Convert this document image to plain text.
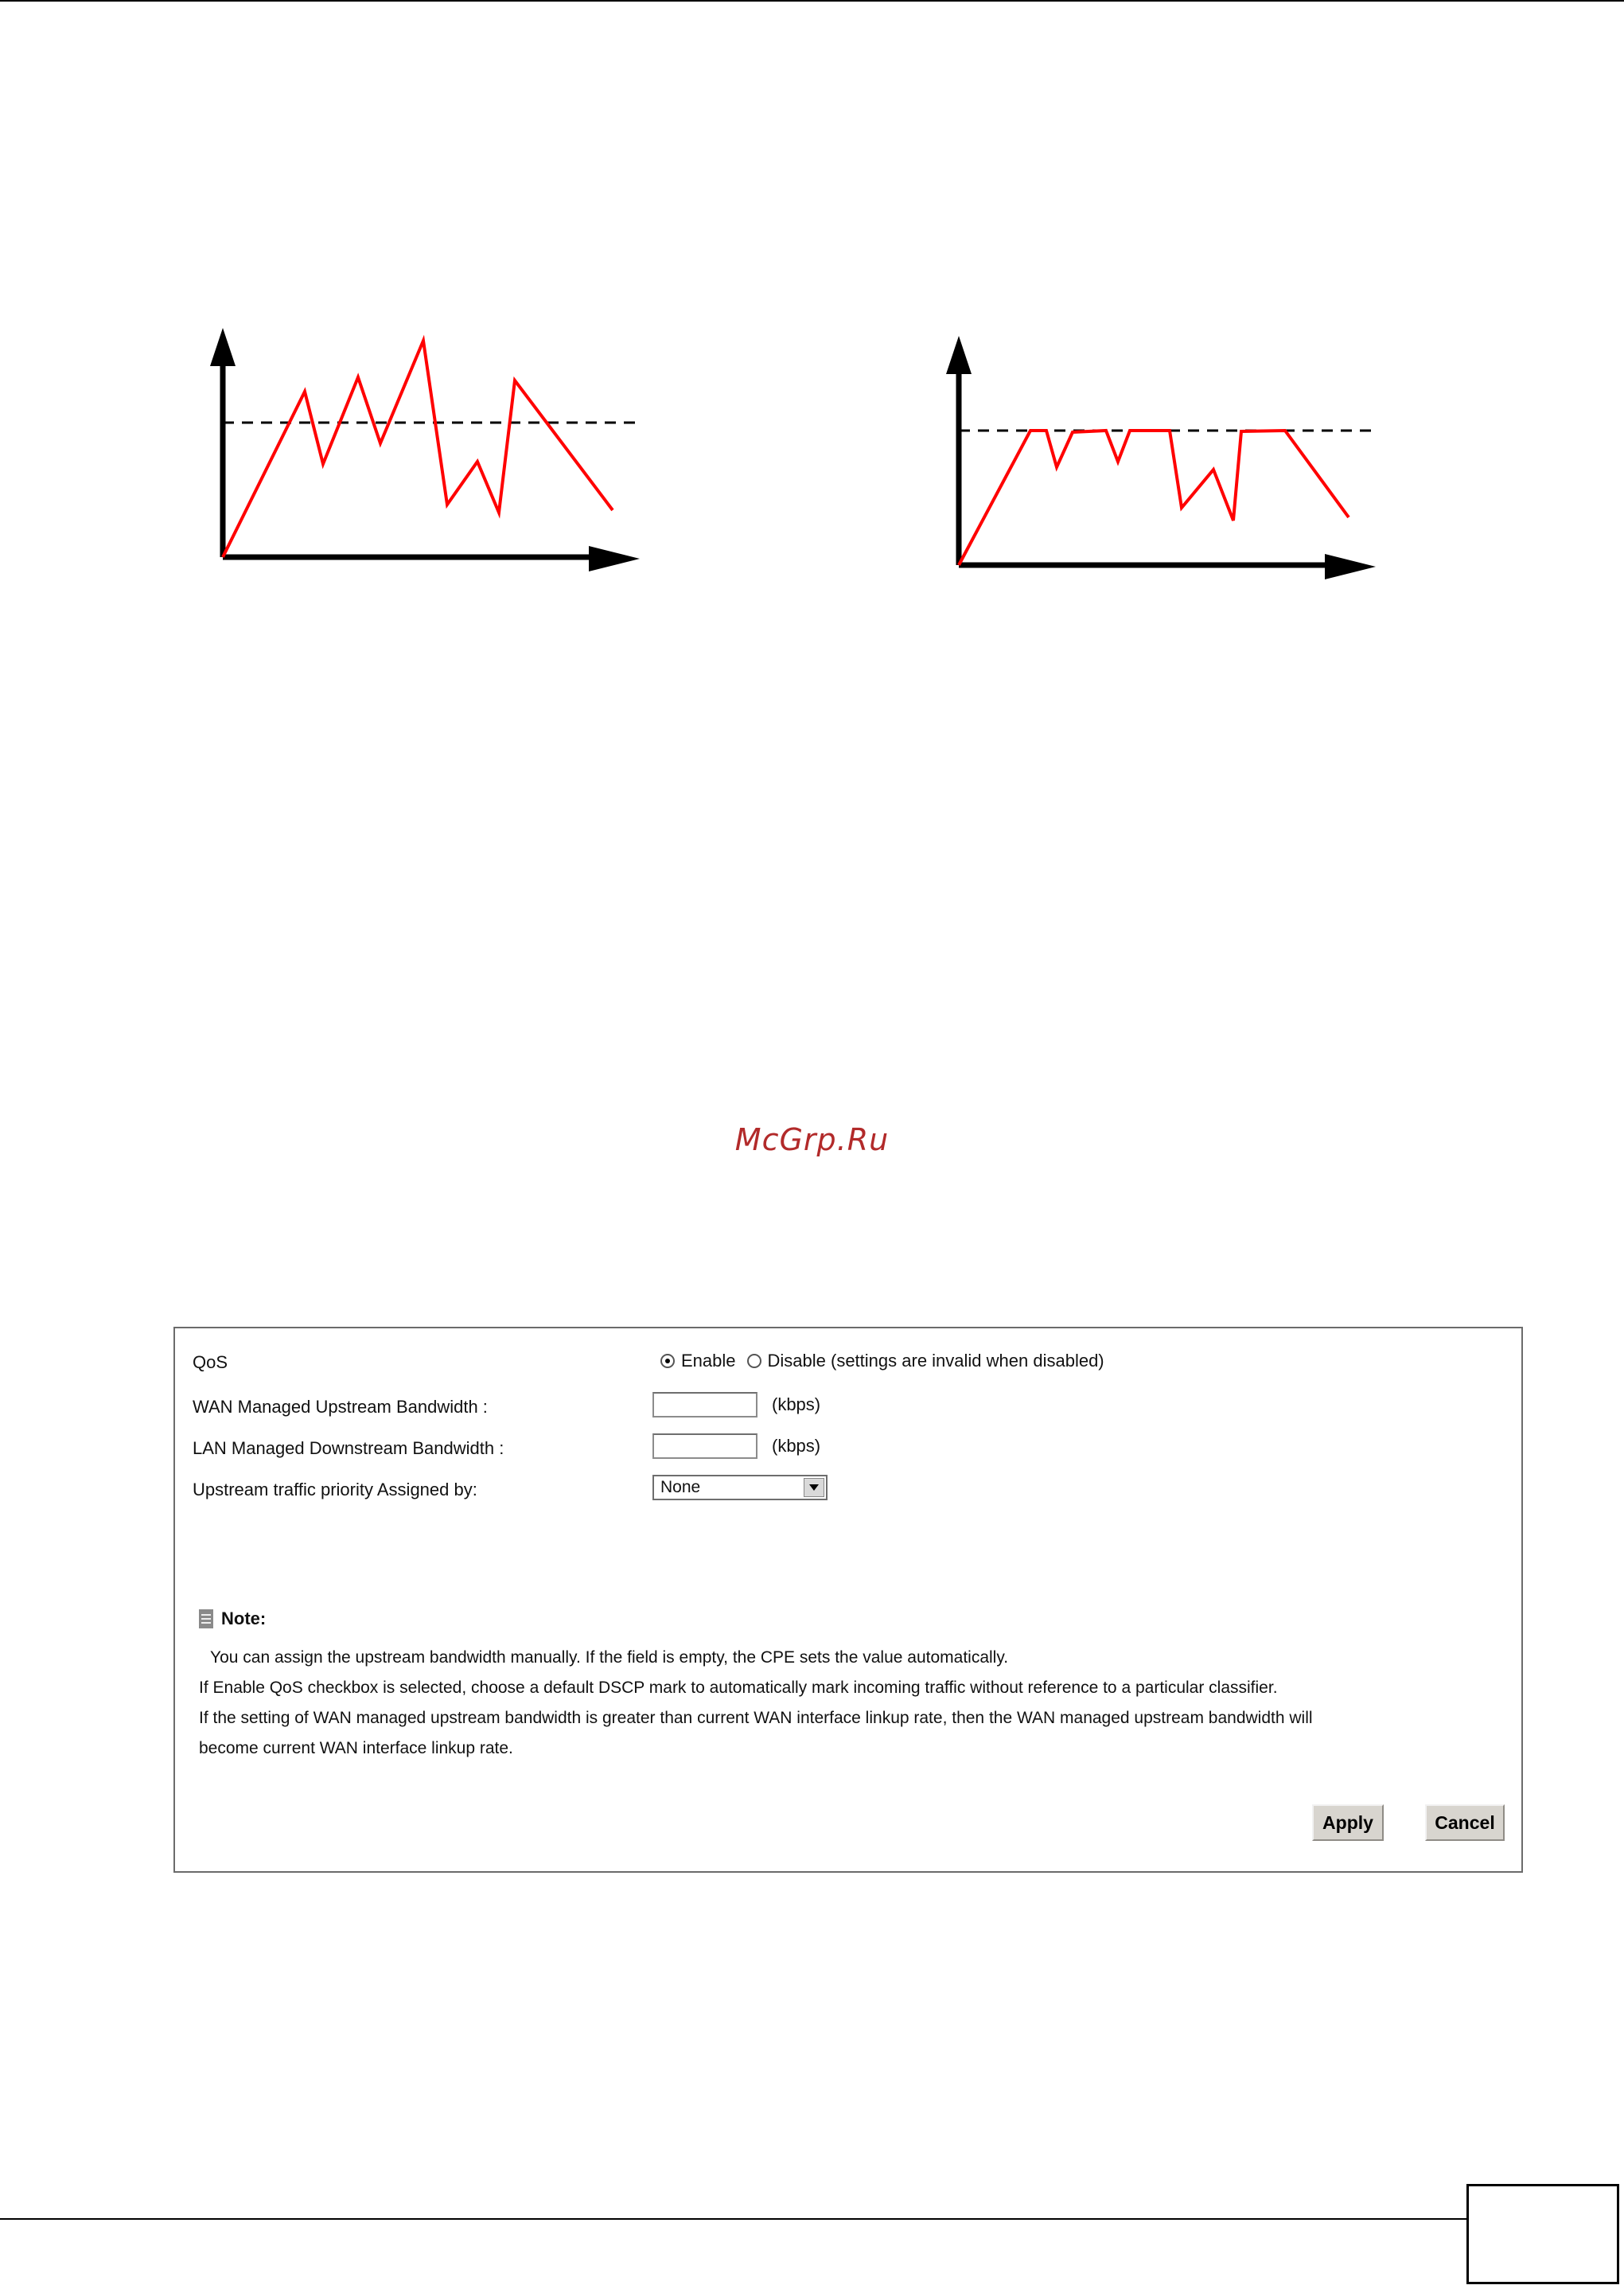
McGrp.Ru
QoS	Enable Disable (settings are invalid when disabled)
WAN Managed Upstream Bandwidth :	(kbps)
LAN Managed Downstream Bandwidth :	(kbps)
Upstream traffic priority Assigned by:	None
Note:
You can assign the upstream bandwidth manually. If the field is empty, the CPE sets the value automatically.
If Enable QoS checkbox is selected, choose a default DSCP mark to automatically mark incoming traffic without reference to a particular classifier.
If the setting of WAN managed upstream bandwidth is greater than current WAN interface linkup rate, then the WAN managed upstream bandwidth will
become current WAN interface linkup rate.
Apply	Cancel
